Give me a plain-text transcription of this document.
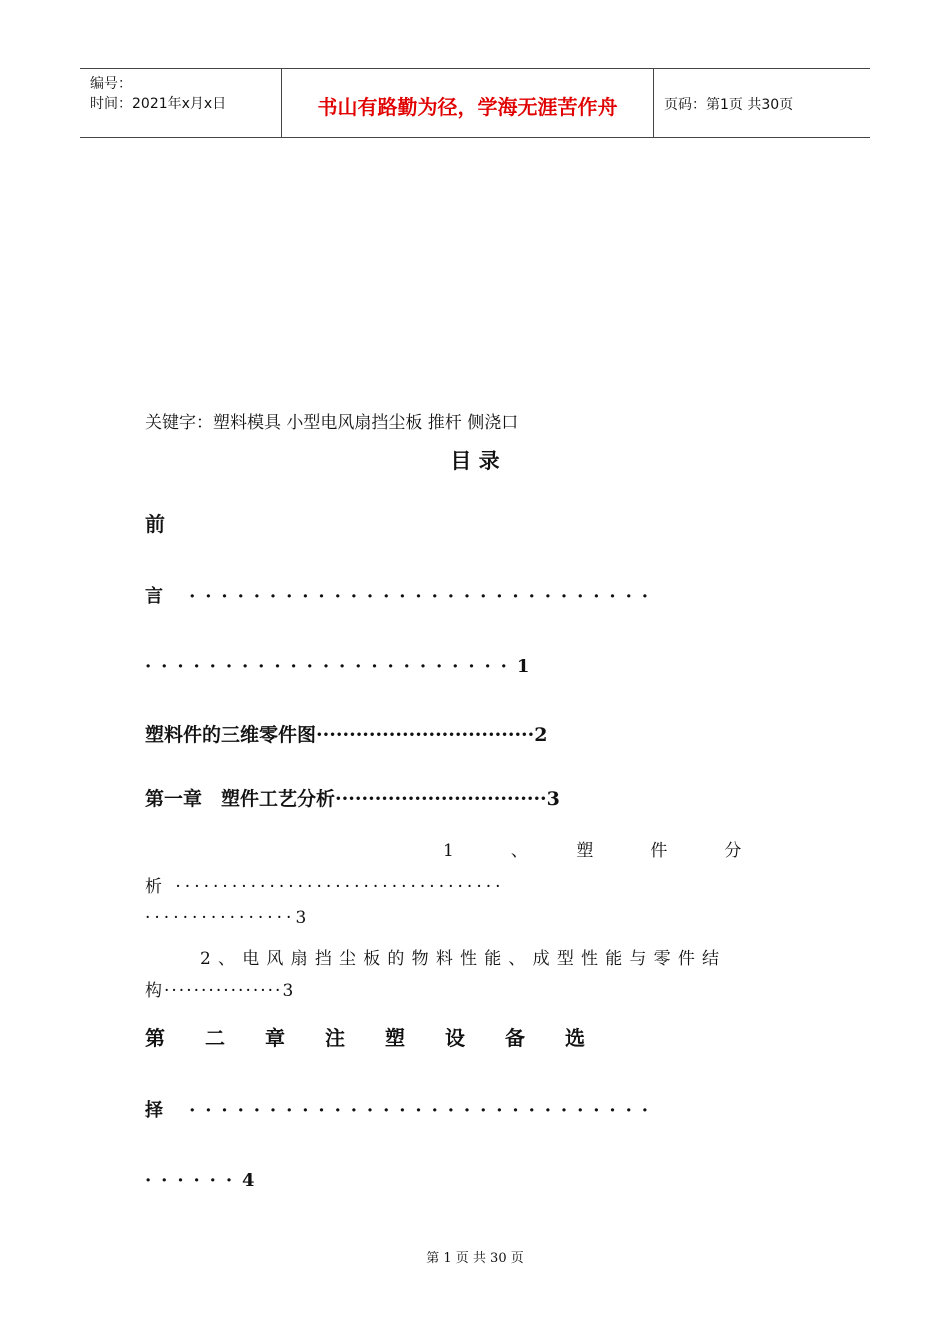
编号：
时间：2021年x月x日	书山有路勤为径，学海无涯苦作舟	页码：第1页 共30页
关键字：塑料模具 小型电风扇挡尘板 推杆 侧浇口
目 录
前
言 ·····························
·······················1
塑料件的三维零件图·································2
第一章　塑件工艺分析································3
1　、　塑　件　分
析 ···································
················3
2、电风扇挡尘板的物料性能、成型性能与零件结
构················3
第　二　章　注　塑　设　备　选
择 ·····························
······4
第 1 页 共 30 页
